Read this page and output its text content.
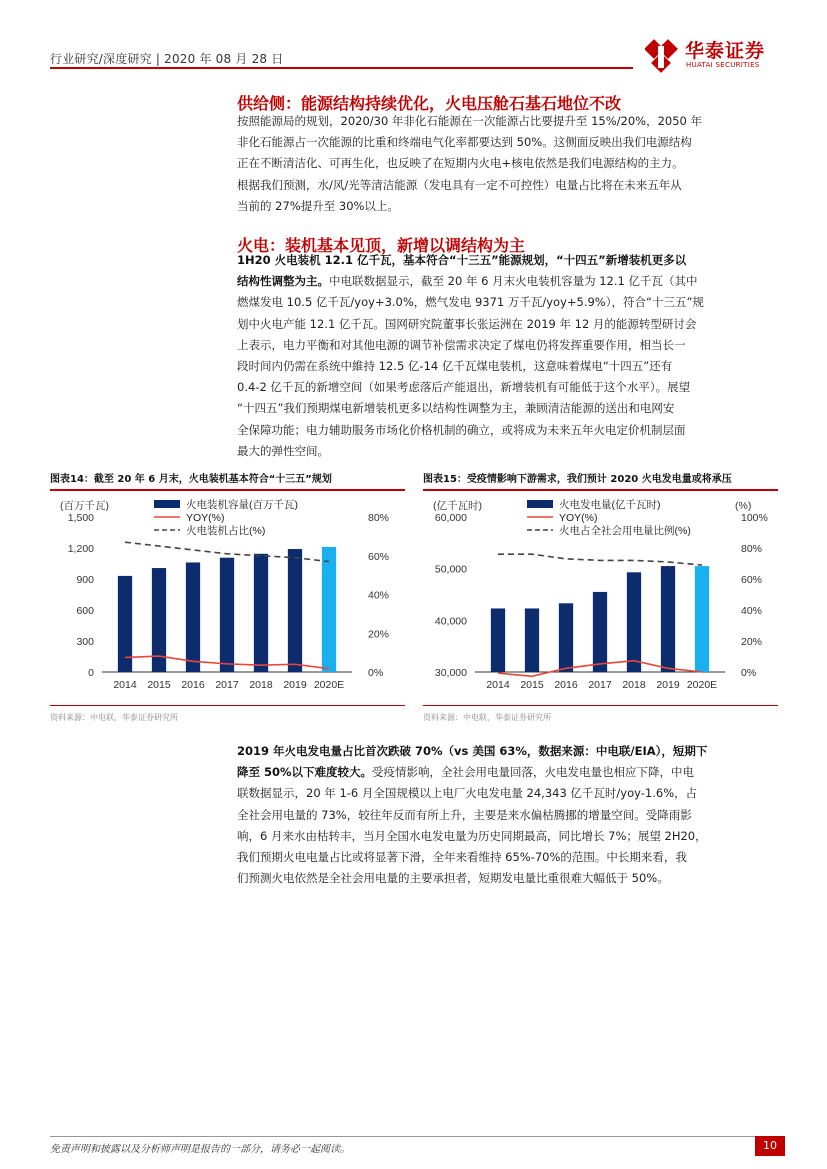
行业研究/深度研究 | 2020 年 08 月 28 日	华泰证券
HUATAI SECURITIES
供给侧：能源结构持续优化，火电压舱石基石地位不改
按照能源局的规划，2020/30 年非化石能源在一次能源占比要提升至 15%/20%，2050 年
非化石能源占一次能源的比重和终端电气化率都要达到 50%。这侧面反映出我们电源结构
正在不断清洁化、可再生化，也反映了在短期内火电+核电依然是我们电源结构的主力。
根据我们预测，水/风/光等清洁能源（发电具有一定不可控性）电量占比将在未来五年从
当前的 27%提升至 30%以上。
火电：装机基本见顶，新增以调结构为主
1H20 火电装机 12.1 亿千瓦，基本符合“十三五”能源规划，“十四五”新增装机更多以
结构性调整为主。中电联数据显示，截至 20 年 6 月末火电装机容量为 12.1 亿千瓦（其中
燃煤发电 10.5 亿千瓦/yoy+3.0%，燃气发电 9371 万千瓦/yoy+5.9%），符合“十三五”规
划中火电产能 12.1 亿千瓦。国网研究院董事长张运洲在 2019 年 12 月的能源转型研讨会
上表示，电力平衡和对其他电源的调节补偿需求决定了煤电仍将发挥重要作用，相当长一
段时间内仍需在系统中維持 12.5 亿-14 亿千瓦煤电装机，这意味着煤电“十四五”还有
0.4-2 亿千瓦的新增空间（如果考虑落后产能退出，新增装机有可能低于这个水平）。展望
“十四五”我们预期煤电新增装机更多以结构性调整为主，兼顾清洁能源的送出和电网安
全保障功能；电力辅助服务市场化价格机制的确立，或将成为未来五年火电定价机制层面
最大的弹性空间。
图表14：截至 20 年 6 月末，火电装机基本符合“十三五”规划	图表15：受疫情影响下游需求，我们预计 2020 火电发电量或将承压
(百万千瓦)
0
300
600
900
1,200
1,500
0%
20%
40%
60%
80%
2014 2015 2016 2017 2018 2019 2020E
火电装机容量(百万千瓦)
YOY(%)
火电装机占比(%)
(亿千瓦时)	(%)
30,000
40,000
50,000
60,000
0%
20%
40%
60%
80%
100%
2014 2015 2016 2017 2018 2019 2020E
火电发电量(亿千瓦时)
YOY(%)
火电占全社会用电量比例(%)
资料来源：中电联，华泰证券研究所	资料来源：中电联，华泰证券研究所
2019 年火电发电量占比首次跌破 70%（vs 美国 63%，数据来源：中电联/EIA），短期下
降至 50%以下难度较大。受疫情影响，全社会用电量回落，火电发电量也相应下降，中电
联数据显示，20 年 1-6 月全国规模以上电厂火电发电量 24,343 亿千瓦时/yoy-1.6%，占
全社会用电量的 73%，较往年反而有所上升，主要是来水偏枯腾挪的增量空间。受降雨影
响，6 月来水由枯转丰，当月全国水电发电量为历史同期最高，同比增长 7%；展望 2H20，
我们预期火电电量占比或将显著下滑，全年来看维持 65%-70%的范围。中长期来看，我
们预测火电依然是全社会用电量的主要承担者，短期发电量比重很难大幅低于 50%。
免责声明和披露以及分析师声明是报告的一部分，请务必一起阅读。	10
